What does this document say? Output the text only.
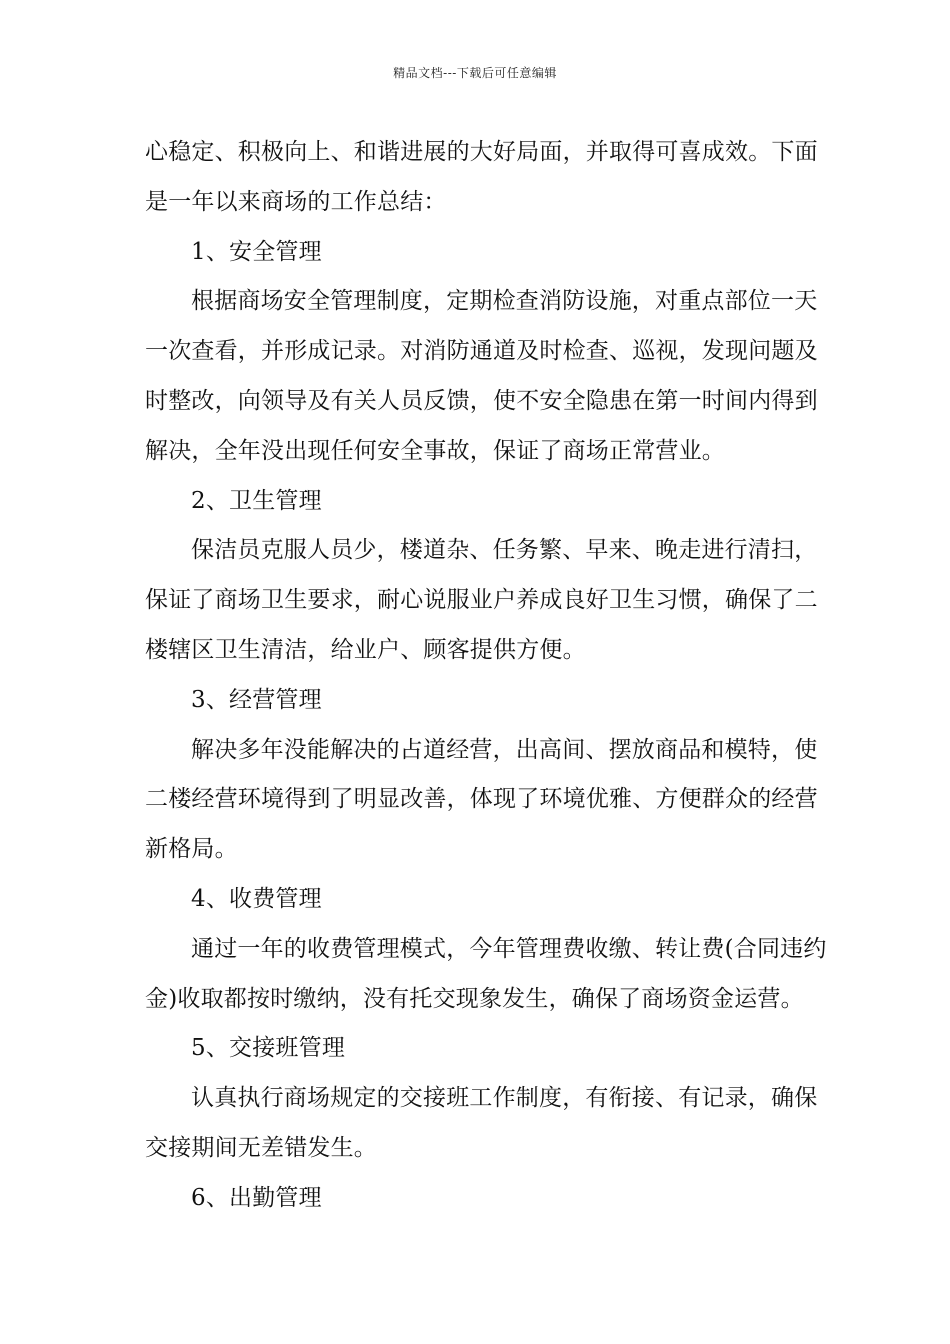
精品文档---下载后可任意编辑
心稳定、积极向上、和谐进展的大好局面，并取得可喜成效。下面
是一年以来商场的工作总结：
1、安全管理
根据商场安全管理制度，定期检查消防设施，对重点部位一天
一次查看，并形成记录。对消防通道及时检查、巡视，发现问题及
时整改，向领导及有关人员反馈，使不安全隐患在第一时间内得到
解决，全年没出现任何安全事故，保证了商场正常营业。
2、卫生管理
保洁员克服人员少，楼道杂、任务繁、早来、晚走进行清扫，
保证了商场卫生要求，耐心说服业户养成良好卫生习惯，确保了二
楼辖区卫生清洁，给业户、顾客提供方便。
3、经营管理
解决多年没能解决的占道经营，出高间、摆放商品和模特，使
二楼经营环境得到了明显改善，体现了环境优雅、方便群众的经营
新格局。
4、收费管理
通过一年的收费管理模式，今年管理费收缴、转让费(合同违约
金)收取都按时缴纳，没有托交现象发生，确保了商场资金运营。
5、交接班管理
认真执行商场规定的交接班工作制度，有衔接、有记录，确保
交接期间无差错发生。
6、出勤管理
